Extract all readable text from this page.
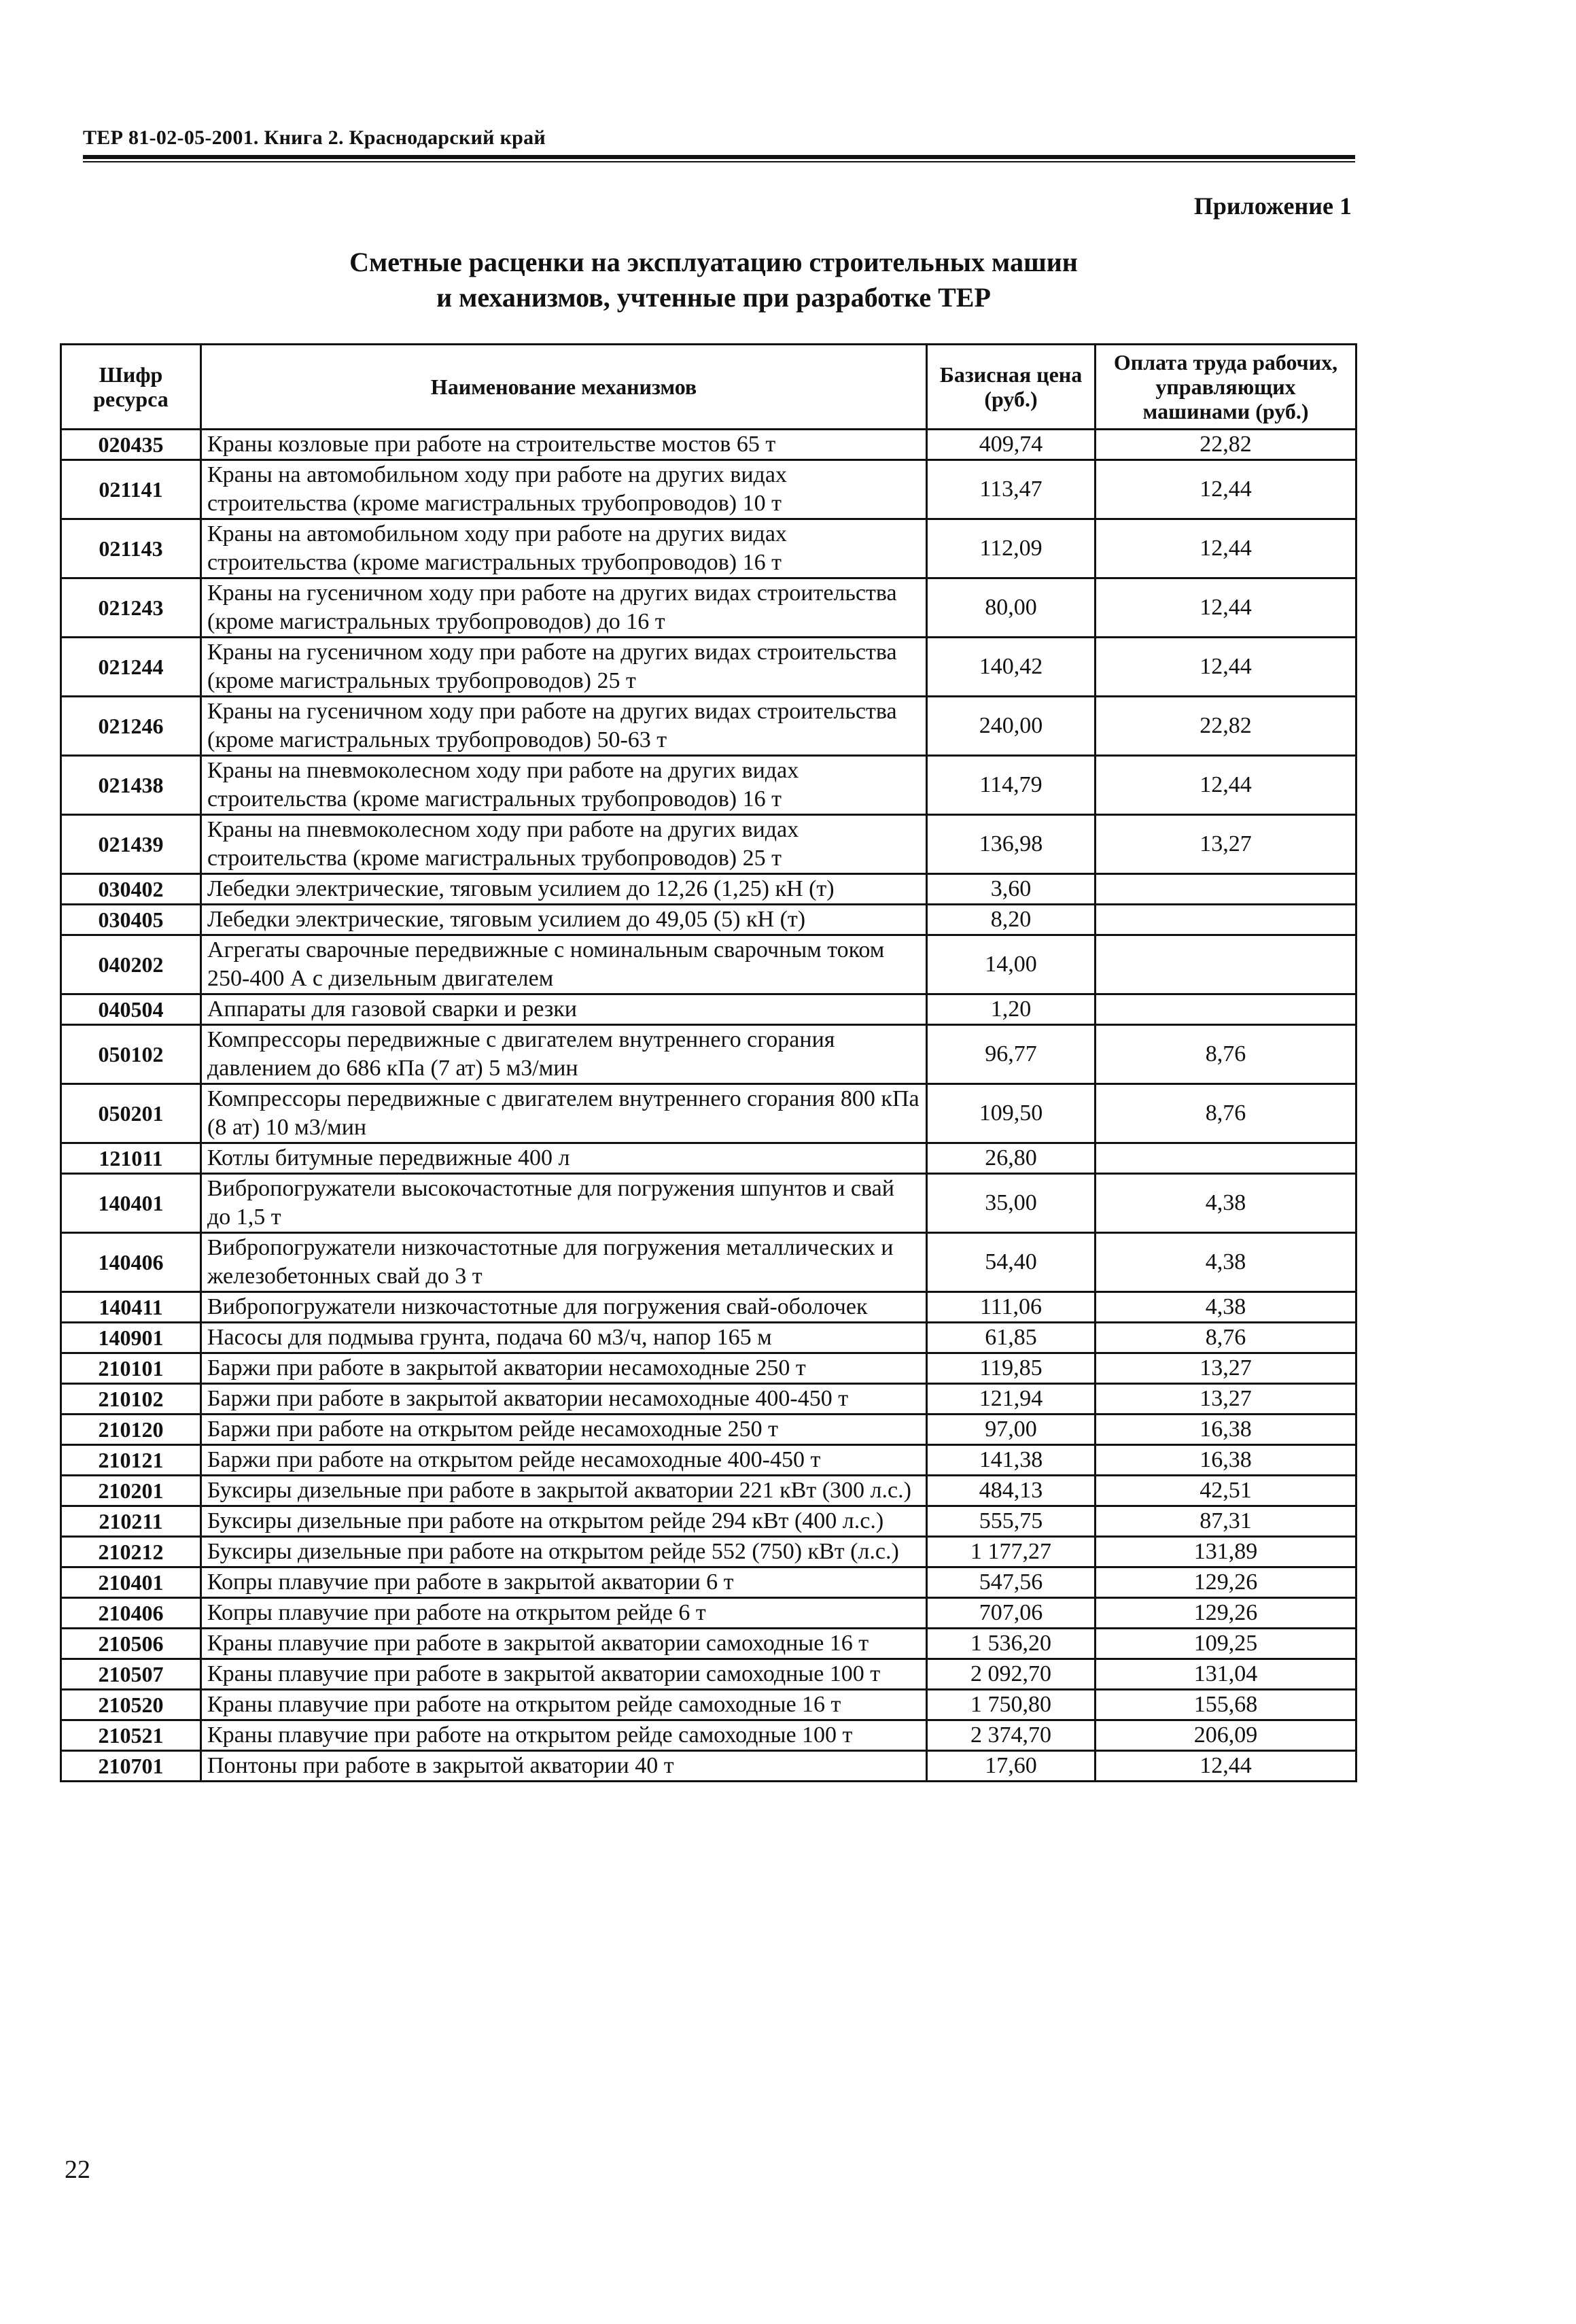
ТЕР 81-02-05-2001. Книга 2. Краснодарский край
Приложение 1
Сметные расценки на эксплуатацию строительных машин
и механизмов, учтенные при разработке ТЕР
Шифр ресурса	Наименование механизмов	Базисная цена (руб.)	Оплата труда рабочих, управляющих машинами (руб.)
020435	Краны козловые при работе на строительстве мостов 65 т	409,74	22,82
021141	Краны на автомобильном ходу при работе на других видах строительства (кроме магистральных трубопроводов) 10 т	113,47	12,44
021143	Краны на автомобильном ходу при работе на других видах строительства (кроме магистральных трубопроводов) 16 т	112,09	12,44
021243	Краны на гусеничном ходу при работе на других видах строительства (кроме магистральных трубопроводов) до 16 т	80,00	12,44
021244	Краны на гусеничном ходу при работе на других видах строительства (кроме магистральных трубопроводов) 25 т	140,42	12,44
021246	Краны на гусеничном ходу при работе на других видах строительства (кроме магистральных трубопроводов) 50-63 т	240,00	22,82
021438	Краны на пневмоколесном ходу при работе на других видах строительства (кроме магистральных трубопроводов) 16 т	114,79	12,44
021439	Краны на пневмоколесном ходу при работе на других видах строительства (кроме магистральных трубопроводов) 25 т	136,98	13,27
030402	Лебедки электрические, тяговым усилием до 12,26 (1,25) кН (т)	3,60	
030405	Лебедки электрические, тяговым усилием до 49,05 (5) кН (т)	8,20	
040202	Агрегаты сварочные передвижные с номинальным сварочным током 250-400 А с дизельным двигателем	14,00	
040504	Аппараты для газовой сварки и резки	1,20	
050102	Компрессоры передвижные с двигателем внутреннего сгорания давлением до 686 кПа (7 ат) 5 м3/мин	96,77	8,76
050201	Компрессоры передвижные с двигателем внутреннего сгорания 800 кПа (8 ат) 10 м3/мин	109,50	8,76
121011	Котлы битумные передвижные 400 л	26,80	
140401	Вибропогружатели высокочастотные для погружения шпунтов и свай до 1,5 т	35,00	4,38
140406	Вибропогружатели низкочастотные для погружения металлических и железобетонных свай до 3 т	54,40	4,38
140411	Вибропогружатели низкочастотные для погружения свай-оболочек	111,06	4,38
140901	Насосы для подмыва грунта, подача 60 м3/ч, напор 165 м	61,85	8,76
210101	Баржи при работе в закрытой акватории несамоходные 250 т	119,85	13,27
210102	Баржи при работе в закрытой акватории несамоходные 400-450 т	121,94	13,27
210120	Баржи при работе на открытом рейде несамоходные 250 т	97,00	16,38
210121	Баржи при работе на открытом рейде несамоходные 400-450 т	141,38	16,38
210201	Буксиры дизельные при работе в закрытой акватории 221 кВт (300 л.с.)	484,13	42,51
210211	Буксиры дизельные при работе на открытом рейде 294 кВт (400 л.с.)	555,75	87,31
210212	Буксиры дизельные при работе на открытом рейде 552 (750) кВт (л.с.)	1 177,27	131,89
210401	Копры плавучие при работе в закрытой акватории 6 т	547,56	129,26
210406	Копры плавучие при работе на открытом рейде 6 т	707,06	129,26
210506	Краны плавучие при работе в закрытой акватории самоходные 16 т	1 536,20	109,25
210507	Краны плавучие при работе в закрытой акватории самоходные 100 т	2 092,70	131,04
210520	Краны плавучие при работе на открытом рейде самоходные 16 т	1 750,80	155,68
210521	Краны плавучие при работе на открытом рейде самоходные 100 т	2 374,70	206,09
210701	Понтоны при работе в закрытой акватории 40 т	17,60	12,44
22
